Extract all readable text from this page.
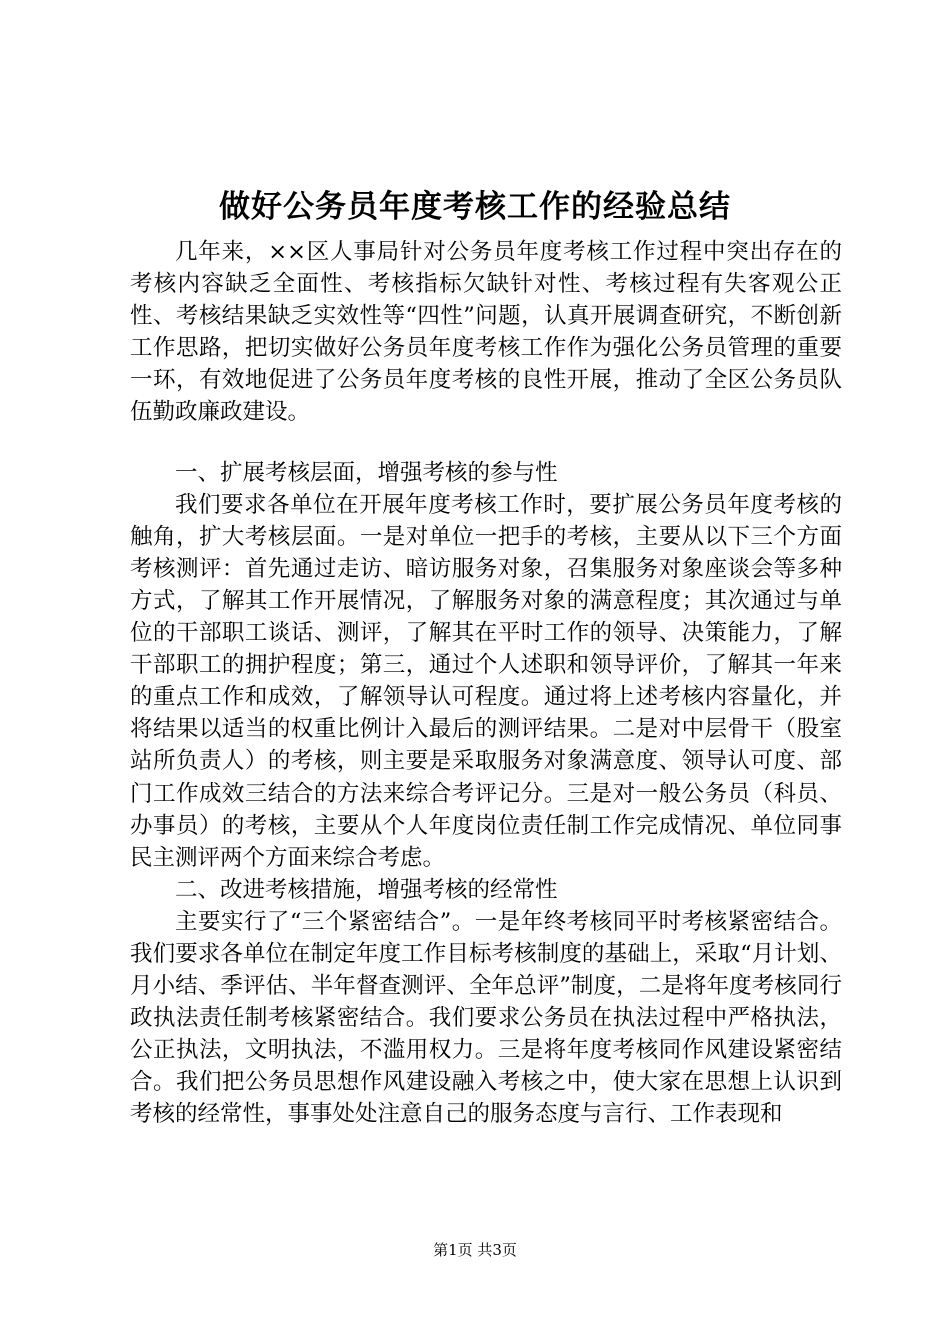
做好公务员年度考核工作的经验总结

几年来，××区人事局针对公务员年度考核工作过程中突出存在的考核内容缺乏全面性、考核指标欠缺针对性、考核过程有失客观公正性、考核结果缺乏实效性等“四性”问题，认真开展调查研究，不断创新工作思路，把切实做好公务员年度考核工作作为强化公务员管理的重要一环，有效地促进了公务员年度考核的良性开展，推动了全区公务员队伍勤政廉政建设。

一、扩展考核层面，增强考核的参与性

我们要求各单位在开展年度考核工作时，要扩展公务员年度考核的触角，扩大考核层面。一是对单位一把手的考核，主要从以下三个方面考核测评：首先通过走访、暗访服务对象，召集服务对象座谈会等多种方式，了解其工作开展情况，了解服务对象的满意程度；其次通过与单位的干部职工谈话、测评，了解其在平时工作的领导、决策能力，了解干部职工的拥护程度；第三，通过个人述职和领导评价，了解其一年来的重点工作和成效，了解领导认可程度。通过将上述考核内容量化，并将结果以适当的权重比例计入最后的测评结果。二是对中层骨干（股室站所负责人）的考核，则主要是采取服务对象满意度、领导认可度、部门工作成效三结合的方法来综合考评记分。三是对一般公务员（科员、办事员）的考核，主要从个人年度岗位责任制工作完成情况、单位同事民主测评两个方面来综合考虑。

二、改进考核措施，增强考核的经常性

主要实行了“三个紧密结合”。一是年终考核同平时考核紧密结合。我们要求各单位在制定年度工作目标考核制度的基础上，采取“月计划、月小结、季评估、半年督查测评、全年总评”制度，二是将年度考核同行政执法责任制考核紧密结合。我们要求公务员在执法过程中严格执法，公正执法，文明执法，不滥用权力。三是将年度考核同作风建设紧密结合。我们把公务员思想作风建设融入考核之中，使大家在思想上认识到考核的经常性，事事处处注意自己的服务态度与言行、工作表现和

第1页 共3页
